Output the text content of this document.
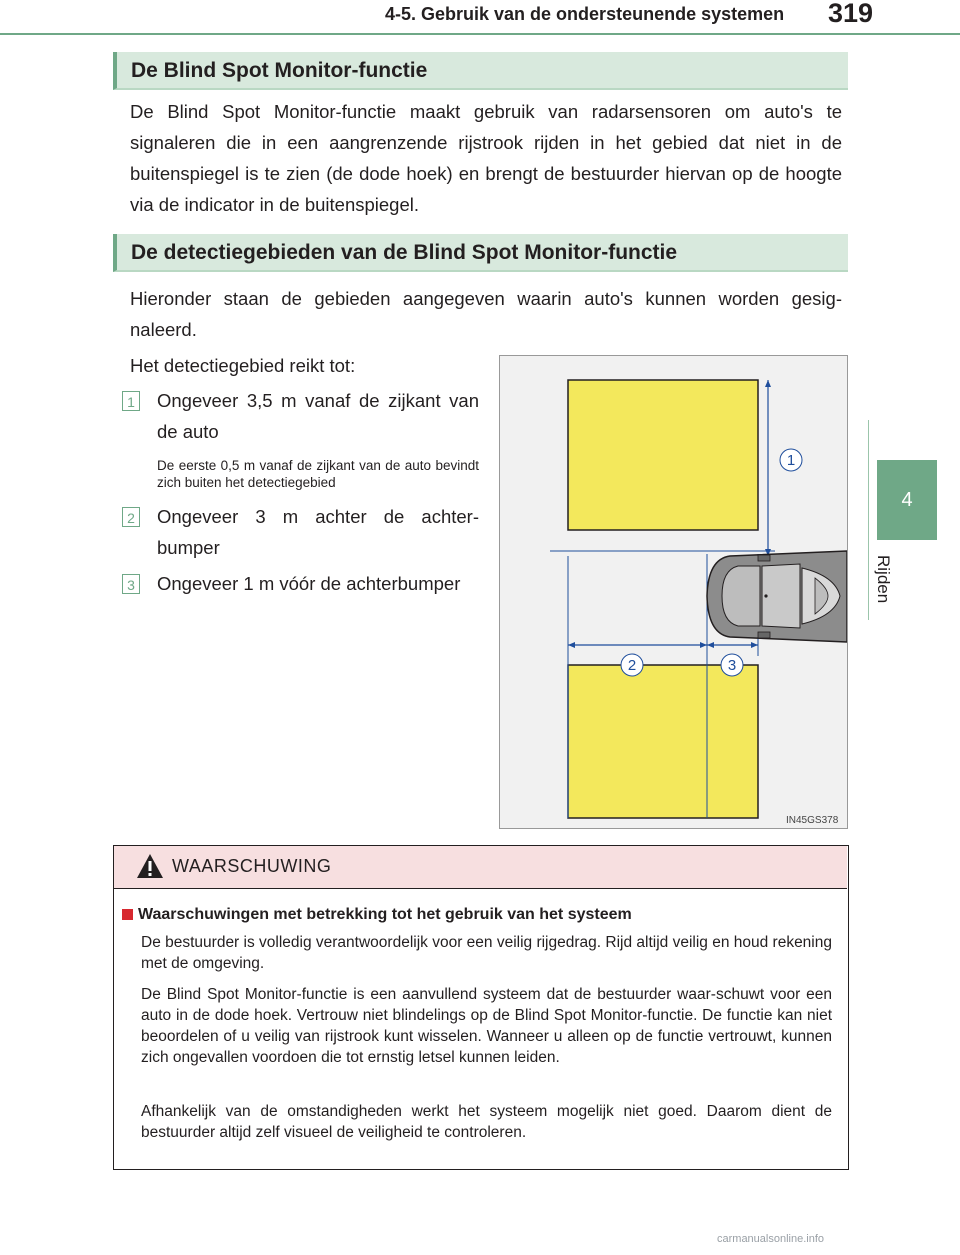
4-5. Gebruik van de ondersteunende systemen 319
4
Rijden
De Blind Spot Monitor-functie
De Blind Spot Monitor-functie maakt gebruik van radarsensoren om auto's te signaleren die in een aangrenzende rijstrook rijden in het gebied dat niet in de buitenspiegel is te zien (de dode hoek) en brengt de bestuurder hiervan op de hoogte via de indicator in de buitenspiegel.
De detectiegebieden van de Blind Spot Monitor-functie
Hieronder staan de gebieden aangegeven waarin auto's kunnen worden gesig-naleerd.
Het detectiegebied reikt tot:
1 Ongeveer 3,5 m vanaf de zijkant van de auto
De eerste 0,5 m vanaf de zijkant van de auto bevindt zich buiten het detectiegebied
2 Ongeveer 3 m achter de achter-bumper
3 Ongeveer 1 m vóór de achterbumper
1
2	3
IN45GS378
WAARSCHUWING
Waarschuwingen met betrekking tot het gebruik van het systeem
De bestuurder is volledig verantwoordelijk voor een veilig rijgedrag. Rijd altijd veilig en houd rekening met de omgeving.
De Blind Spot Monitor-functie is een aanvullend systeem dat de bestuurder waar-schuwt voor een auto in de dode hoek. Vertrouw niet blindelings op de Blind Spot Monitor-functie. De functie kan niet beoordelen of u veilig van rijstrook kunt wisselen. Wanneer u alleen op de functie vertrouwt, kunnen zich ongevallen voordoen die tot ernstig letsel kunnen leiden.
Afhankelijk van de omstandigheden werkt het systeem mogelijk niet goed. Daarom dient de bestuurder altijd zelf visueel de veiligheid te controleren.
carmanualsonline.info
